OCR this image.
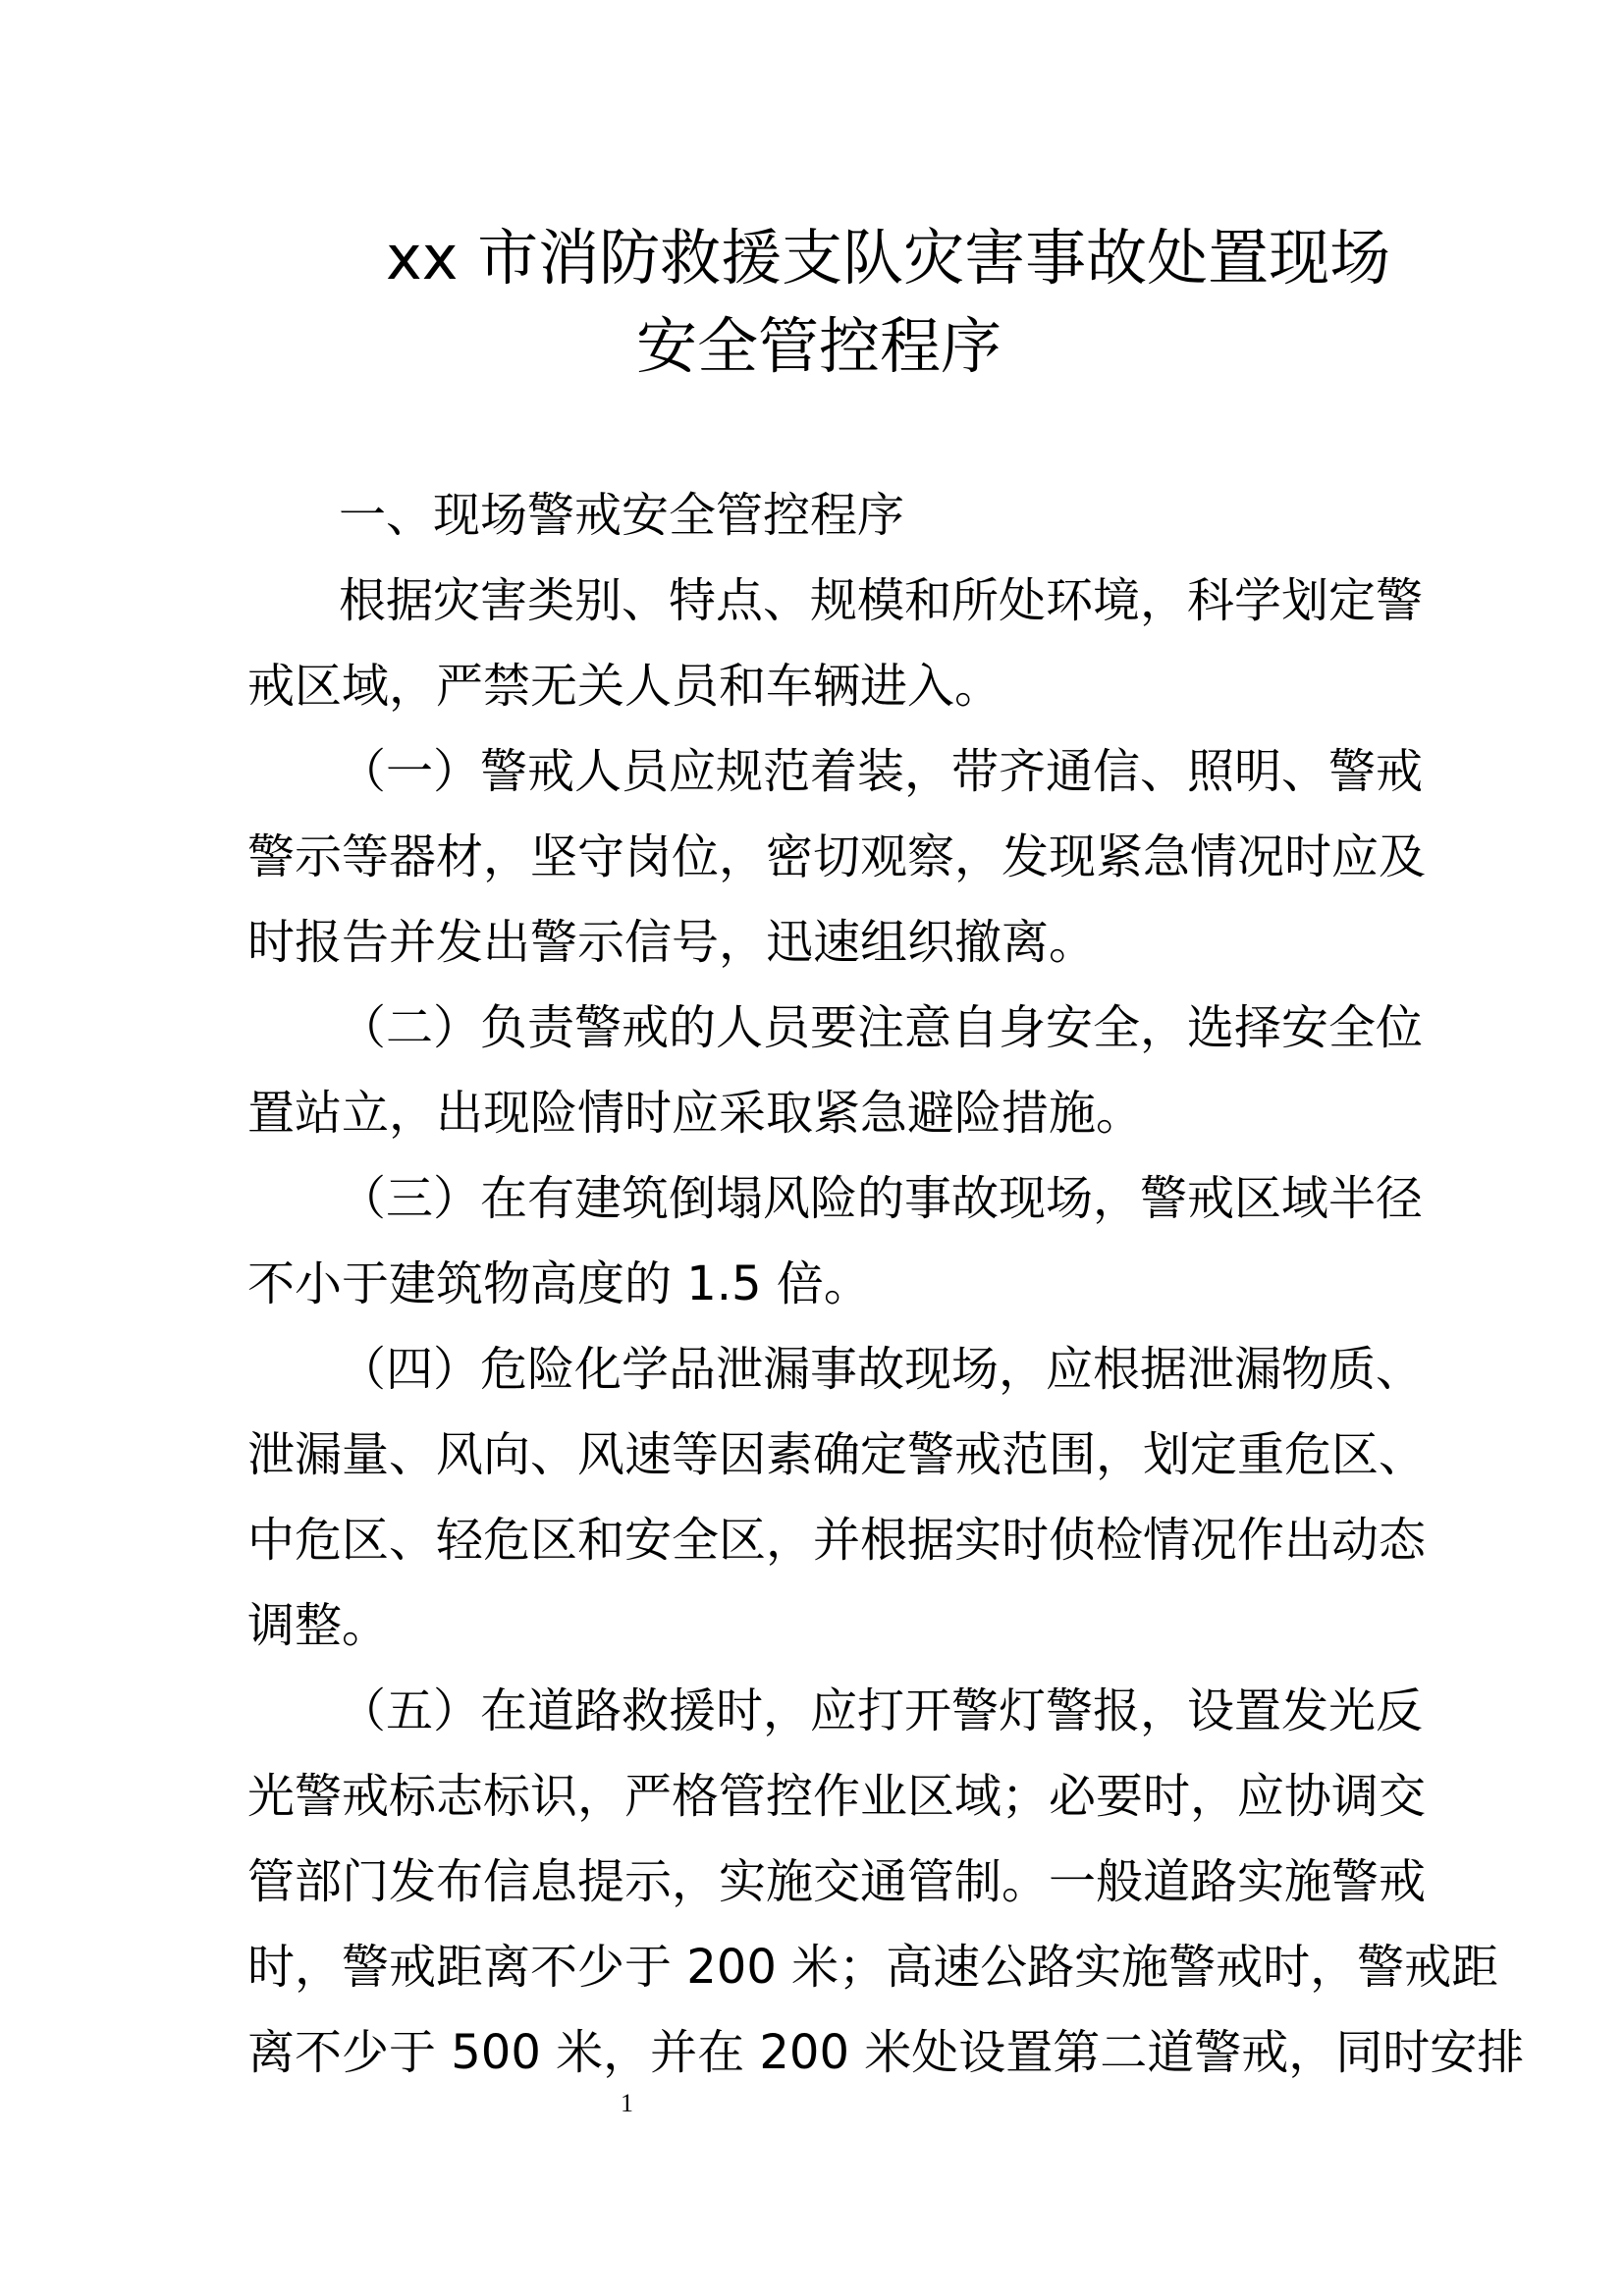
xx 市消防救援支队灾害事故处置现场
安全管控程序
一、现场警戒安全管控程序
根据灾害类别、特点、规模和所处环境，科学划定警
戒区域，严禁无关人员和车辆进入。
（一）警戒人员应规范着装，带齐通信、照明、警戒
警示等器材，坚守岗位，密切观察，发现紧急情况时应及
时报告并发出警示信号，迅速组织撤离。
（二）负责警戒的人员要注意自身安全，选择安全位
置站立，出现险情时应采取紧急避险措施。
（三）在有建筑倒塌风险的事故现场，警戒区域半径
不小于建筑物高度的 1.5 倍。
（四）危险化学品泄漏事故现场，应根据泄漏物质、
泄漏量、风向、风速等因素确定警戒范围，划定重危区、
中危区、轻危区和安全区，并根据实时侦检情况作出动态
调整。
（五）在道路救援时，应打开警灯警报，设置发光反
光警戒标志标识，严格管控作业区域；必要时，应协调交
管部门发布信息提示，实施交通管制。一般道路实施警戒
时，警戒距离不少于 200 米；高速公路实施警戒时，警戒距
离不少于 500 米，并在 200 米处设置第二道警戒，同时安排
1
